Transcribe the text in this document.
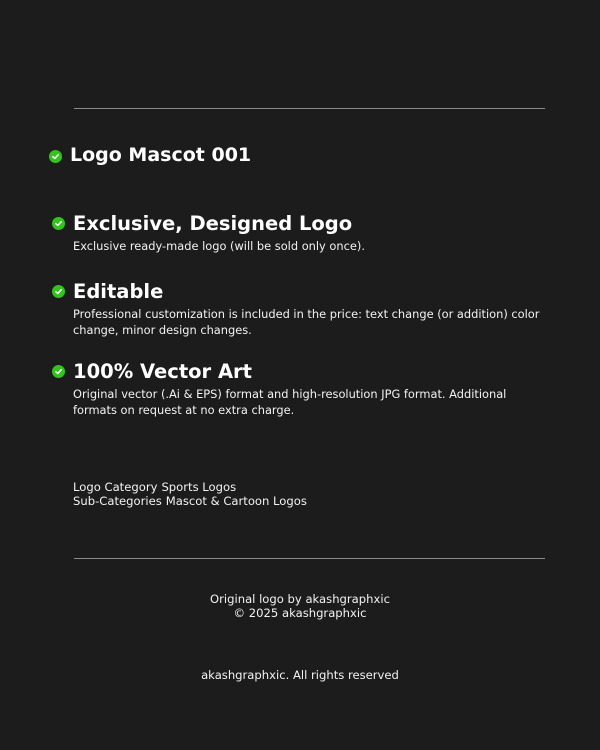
Logo Mascot 001
Exclusive, Designed Logo
Exclusive ready-made logo (will be sold only once).
Editable
Professional customization is included in the price: text change (or addition) color change, minor design changes.
100% Vector Art
Original vector (.Ai & EPS) format and high-resolution JPG format. Additional formats on request at no extra charge.
Logo Category Sports Logos
Sub-Categories Mascot & Cartoon Logos
Original logo by akashgraphxic
© 2025 akashgraphxic
akashgraphxic. All rights reserved
